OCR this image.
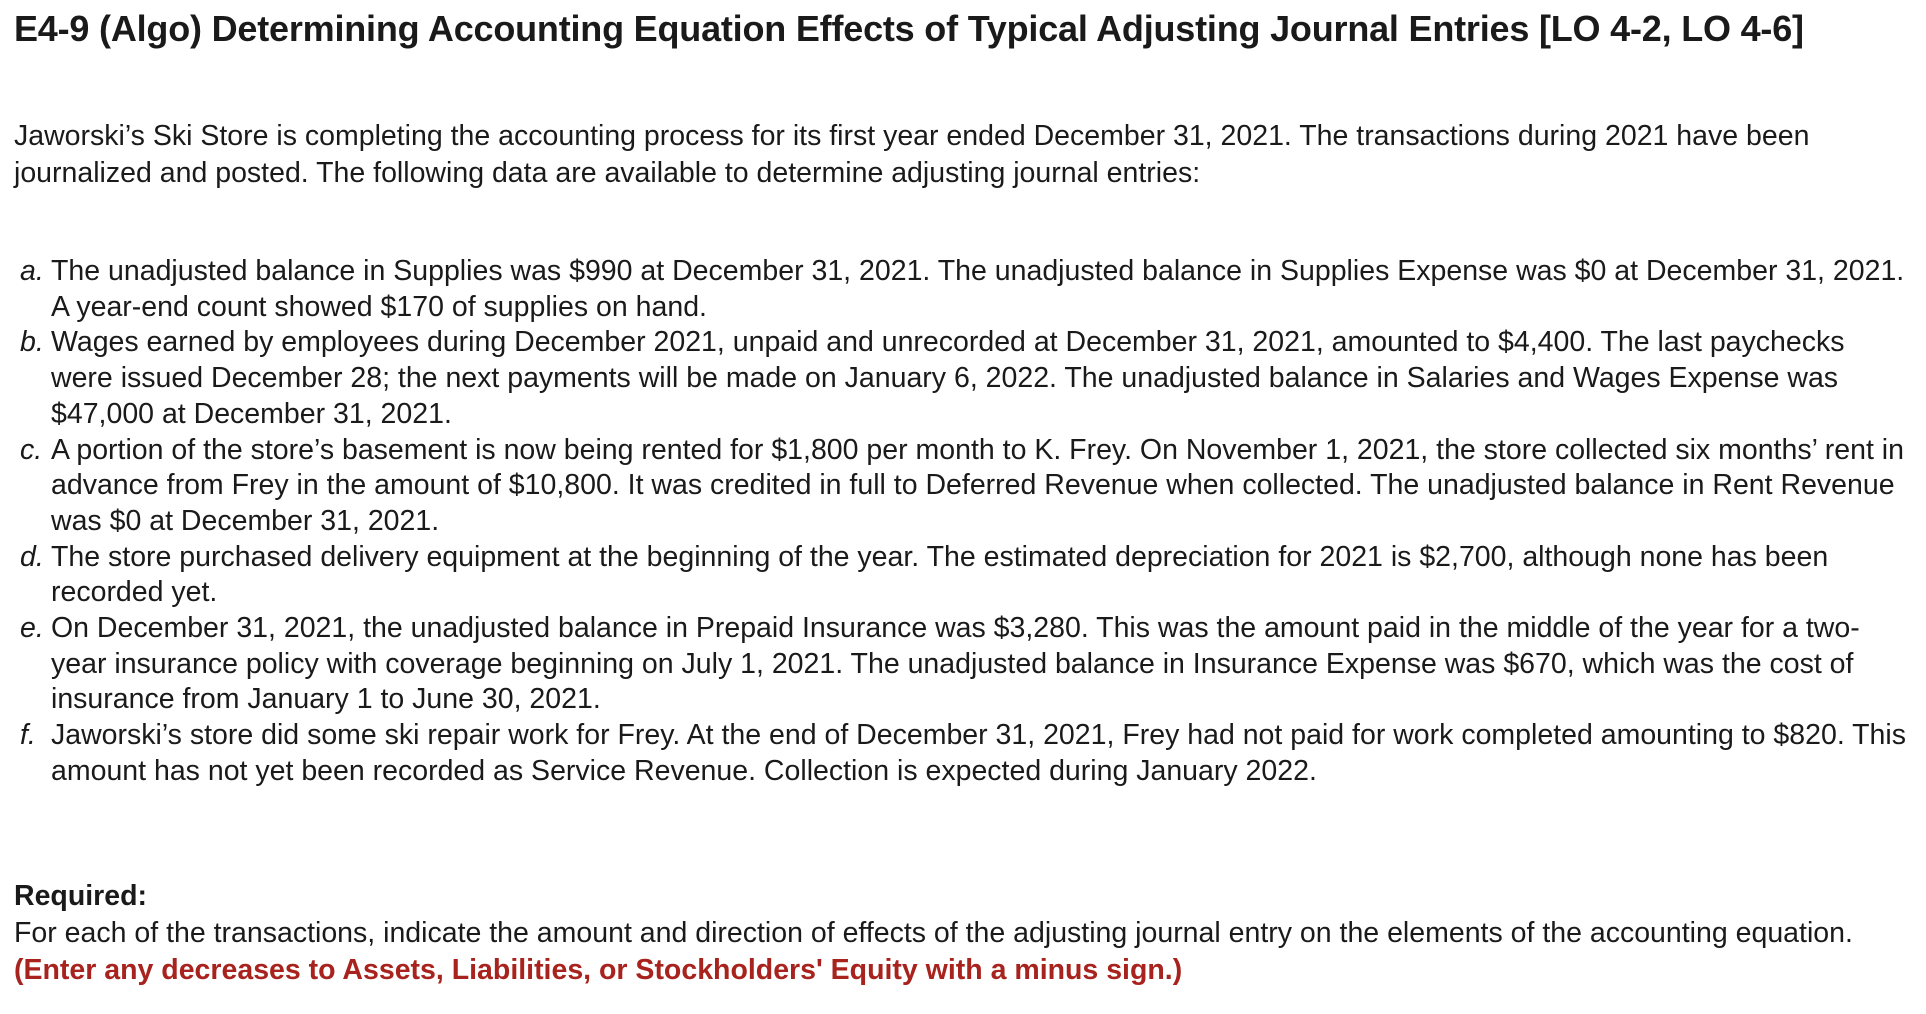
E4-9 (Algo) Determining Accounting Equation Effects of Typical Adjusting Journal Entries [LO 4-2, LO 4-6]

Jaworski’s Ski Store is completing the accounting process for its first year ended December 31, 2021. The transactions during 2021 have been journalized and posted. The following data are available to determine adjusting journal entries:

a. The unadjusted balance in Supplies was $990 at December 31, 2021. The unadjusted balance in Supplies Expense was $0 at December 31, 2021. A year-end count showed $170 of supplies on hand.
b. Wages earned by employees during December 2021, unpaid and unrecorded at December 31, 2021, amounted to $4,400. The last paychecks were issued December 28; the next payments will be made on January 6, 2022. The unadjusted balance in Salaries and Wages Expense was $47,000 at December 31, 2021.
c. A portion of the store’s basement is now being rented for $1,800 per month to K. Frey. On November 1, 2021, the store collected six months’ rent in advance from Frey in the amount of $10,800. It was credited in full to Deferred Revenue when collected. The unadjusted balance in Rent Revenue was $0 at December 31, 2021.
d. The store purchased delivery equipment at the beginning of the year. The estimated depreciation for 2021 is $2,700, although none has been recorded yet.
e. On December 31, 2021, the unadjusted balance in Prepaid Insurance was $3,280. This was the amount paid in the middle of the year for a two-year insurance policy with coverage beginning on July 1, 2021. The unadjusted balance in Insurance Expense was $670, which was the cost of insurance from January 1 to June 30, 2021.
f. Jaworski’s store did some ski repair work for Frey. At the end of December 31, 2021, Frey had not paid for work completed amounting to $820. This amount has not yet been recorded as Service Revenue. Collection is expected during January 2022.
Required:
For each of the transactions, indicate the amount and direction of effects of the adjusting journal entry on the elements of the accounting equation. (Enter any decreases to Assets, Liabilities, or Stockholders' Equity with a minus sign.)
